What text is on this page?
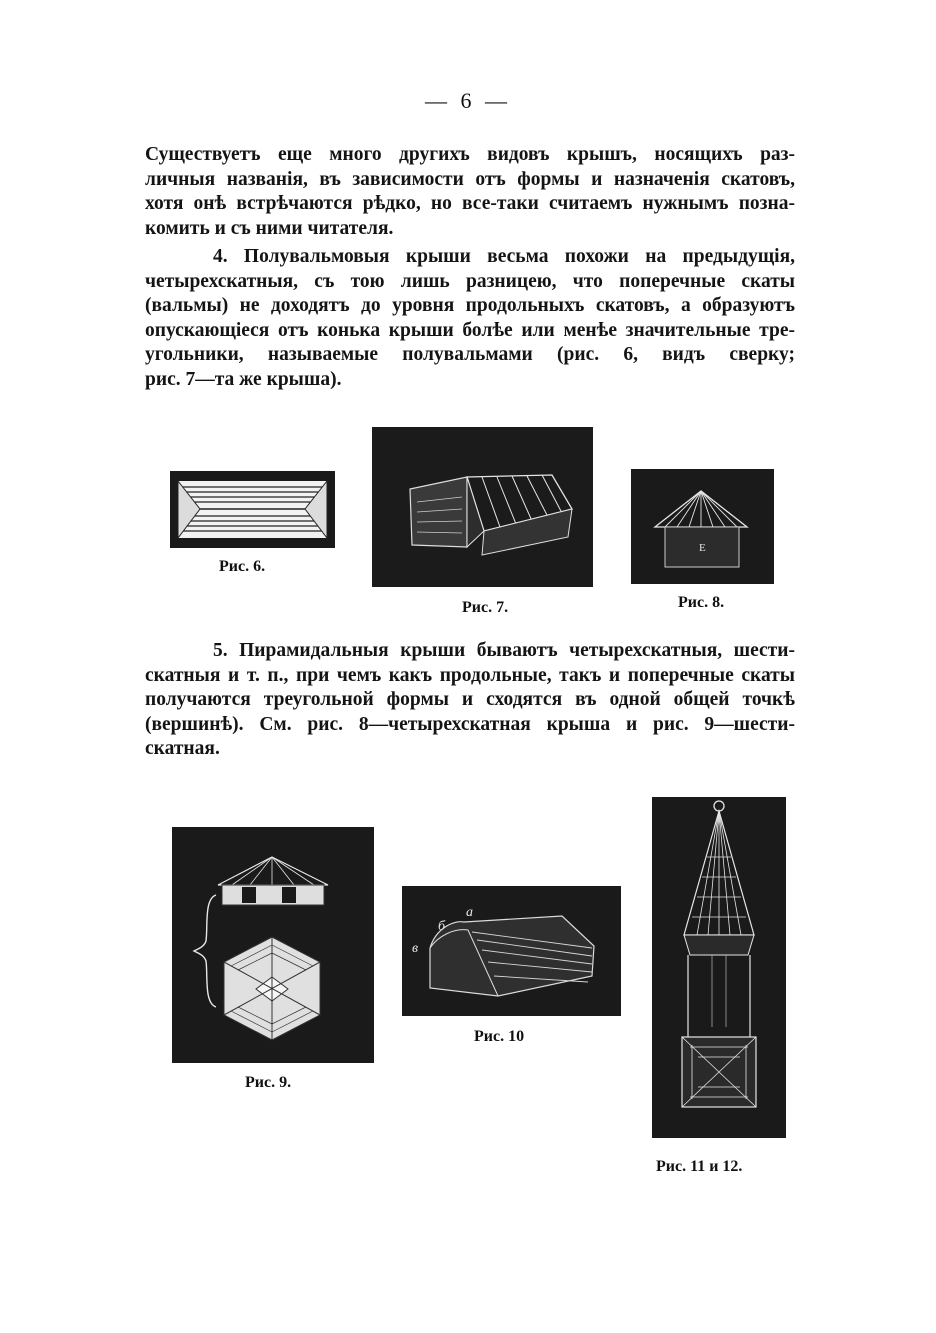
— 6 —
Существуетъ еще много другихъ видовъ крышъ, носящихъ раз-
личныя названія, въ зависимости отъ формы и назначенія скатовъ,
хотя онѣ встрѣчаются рѣдко, но все-таки считаемъ нужнымъ позна-
комить и съ ними читателя.
4. Полувальмовыя крыши весьма похожи на предыдущія,
четырехскатныя, съ тою лишь разницею, что поперечные скаты
(вальмы) не доходятъ до уровня продольныхъ скатовъ, а образуютъ
опускающіеся отъ конька крыши болѣе или менѣе значительные тре-
угольники, называемые полувальмами (рис. 6, видъ сверку;
рис. 7—та же крыша).
Рис. 6.
Рис. 7.
Е
Рис. 8.
5. Пирамидальныя крыши бываютъ четырехскатныя, шести-
скатныя и т. п., при чемъ какъ продольные, такъ и поперечные скаты
получаются треугольной формы и сходятся въ одной общей точкѣ
(вершинѣ). См. рис. 8—четырехскатная крыша и рис. 9—шести-
скатная.
Рис. 9.
а
б
в
Рис. 10
Рис. 11 и 12.
